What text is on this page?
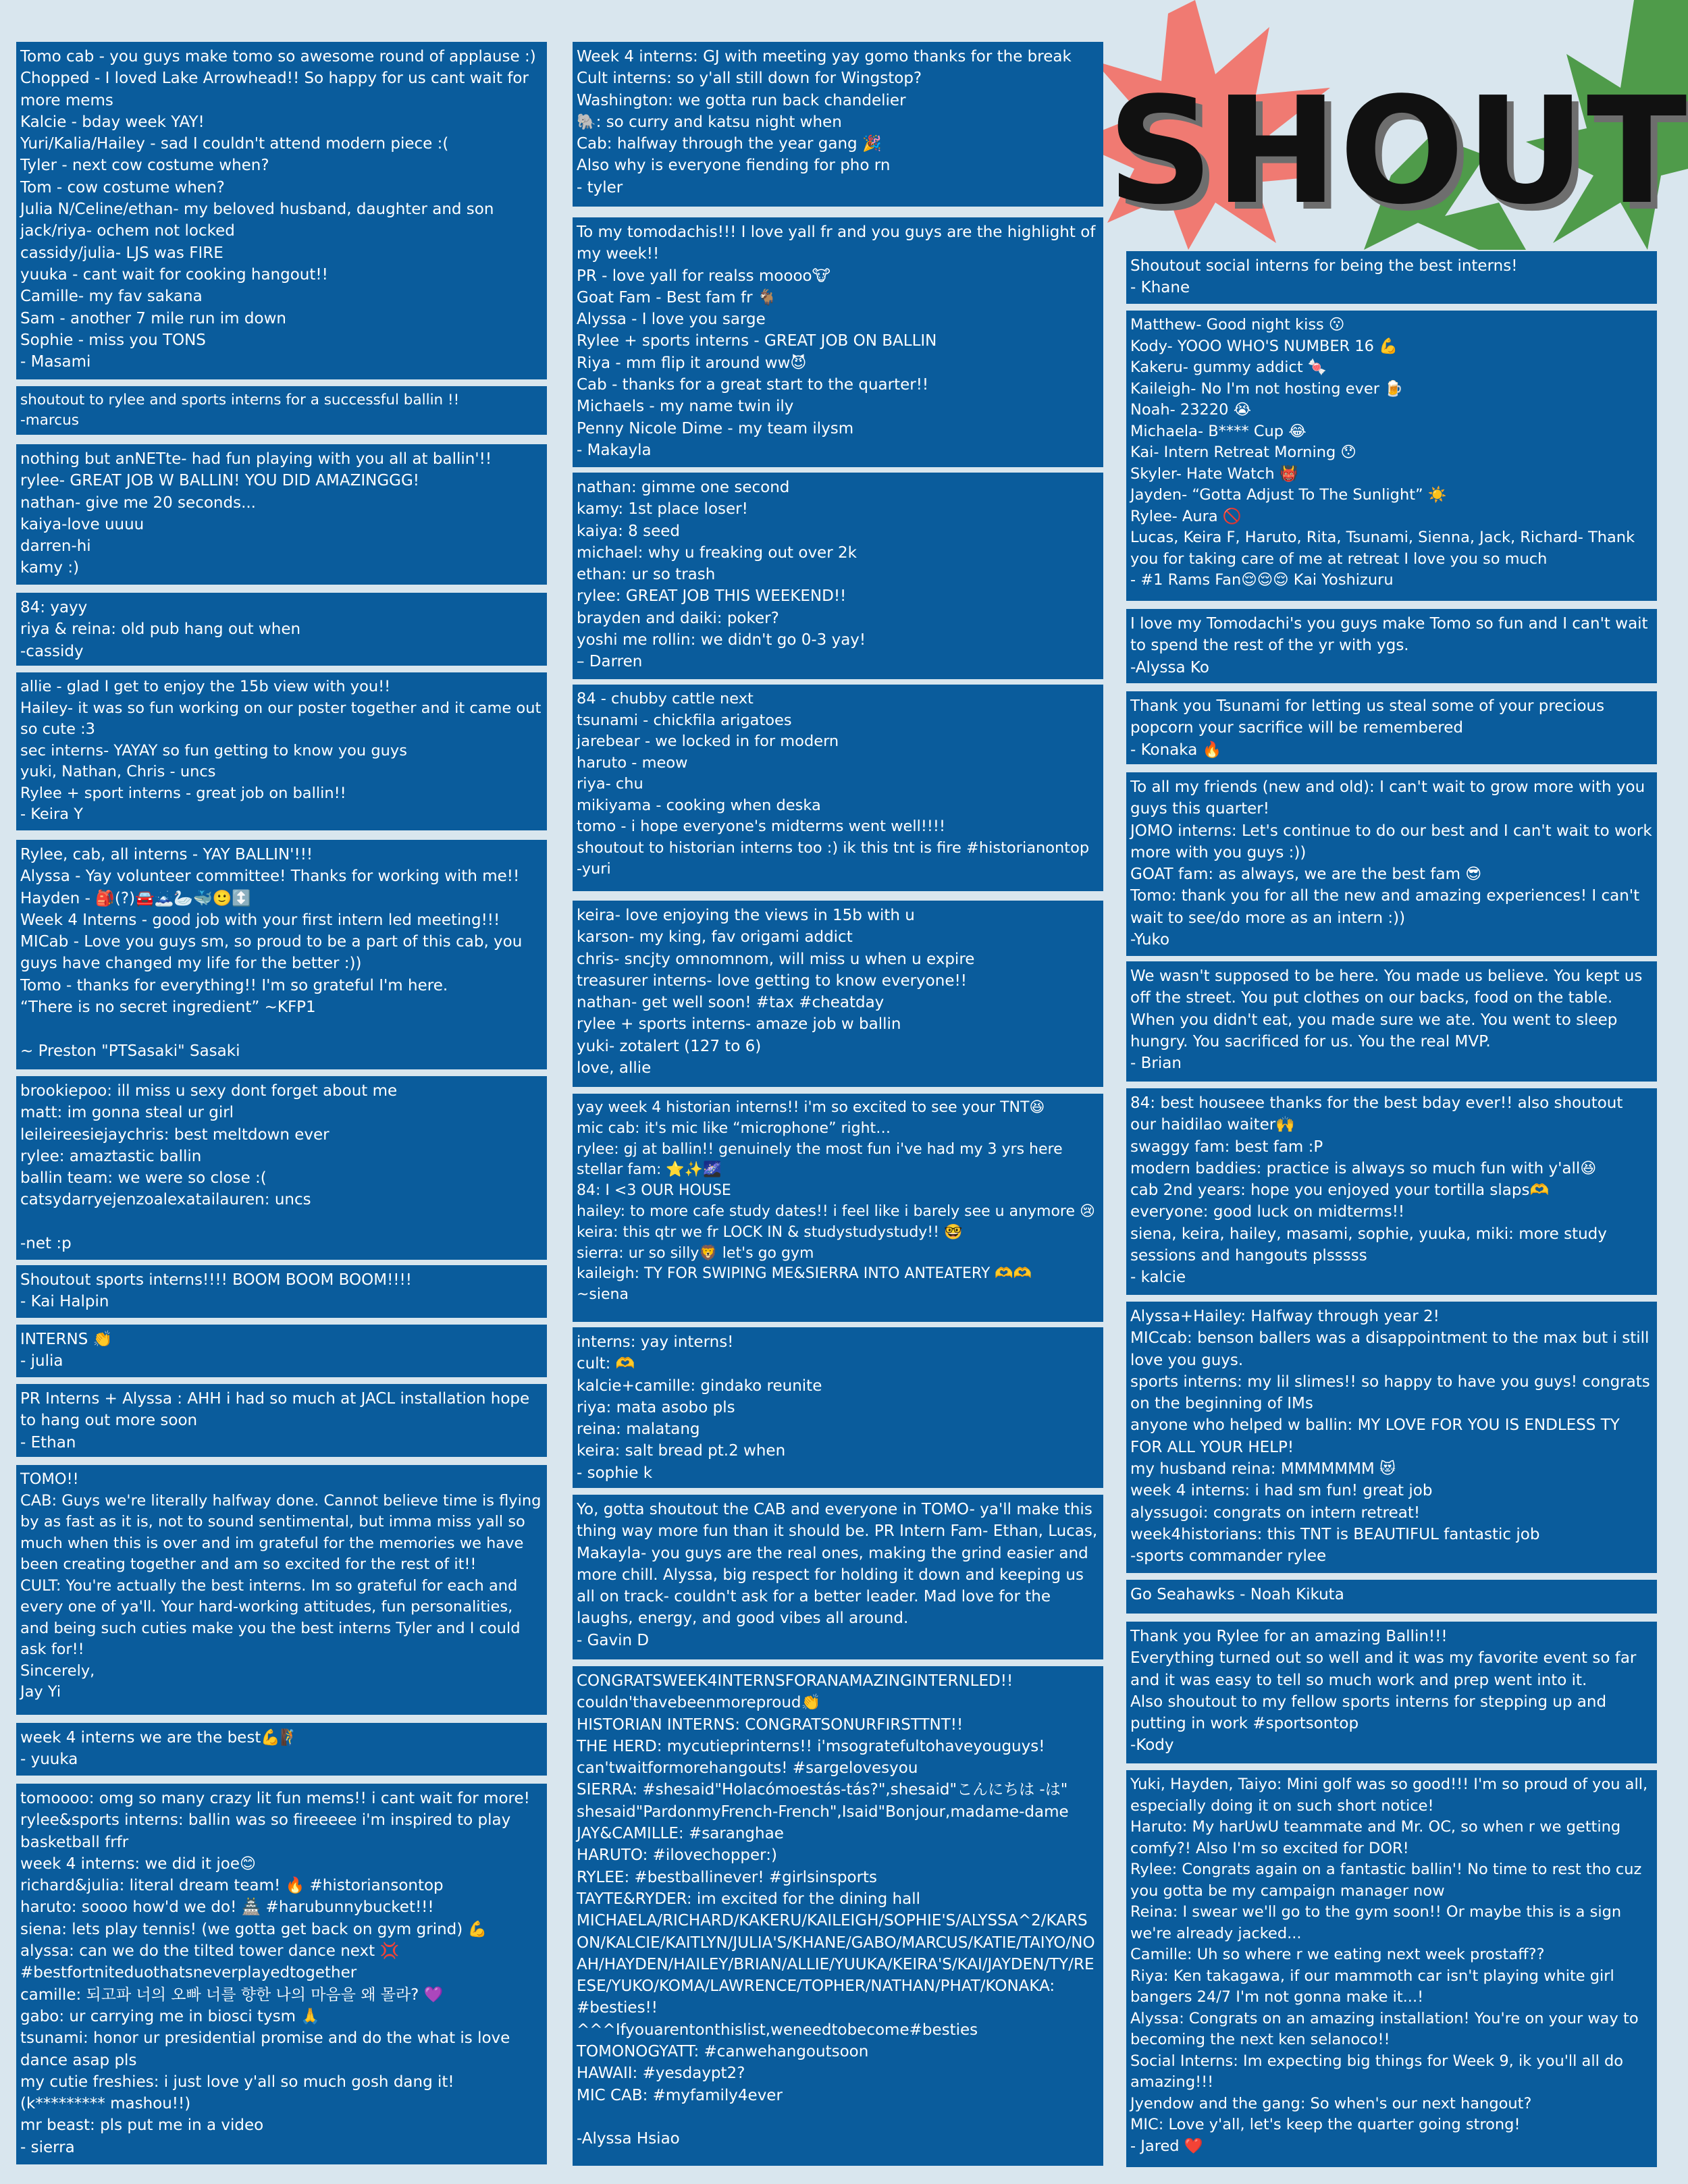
SHOUT
Tomo cab - you guys make tomo so awesome round of applause :)
Chopped - I loved Lake Arrowhead!! So happy for us cant wait for more mems
Kalcie - bday week YAY!
Yuri/Kalia/Hailey - sad I couldn't attend modern piece :(
Tyler - next cow costume when?
Tom - cow costume when?
Julia N/Celine/ethan- my beloved husband, daughter and son
jack/riya- ochem not locked
cassidy/julia- LJS was FIRE
yuuka - cant wait for cooking hangout!!
Camille- my fav sakana
Sam - another 7 mile run im down
Sophie - miss you TONS
- Masami
shoutout to rylee and sports interns for a successful ballin !!
-marcus
nothing but anNETte- had fun playing with you all at ballin'!!
rylee- GREAT JOB W BALLIN! YOU DID AMAZINGGG!
nathan- give me 20 seconds...
kaiya-love uuuu
darren-hi
kamy :)
84: yayy
riya & reina: old pub hang out when
-cassidy
allie - glad I get to enjoy the 15b view with you!!
Hailey- it was so fun working on our poster together and it came out so cute :3
sec interns- YAYAY so fun getting to know you guys
yuki, Nathan, Chris - uncs
Rylee + sport interns - great job on ballin!!
- Keira Y
Rylee, cab, all interns - YAY BALLIN'!!!
Alyssa - Yay volunteer committee! Thanks for working with me!!
Hayden - 🎒(?)🚘🗻🦢🐳🙂↕️
Week 4 Interns - good job with your first intern led meeting!!!
MICab - Love you guys sm, so proud to be a part of this cab, you guys have changed my life for the better :))
Tomo - thanks for everything!! I'm so grateful I'm here.
“There is no secret ingredient” ~KFP1

~ Preston "PTSasaki" Sasaki
brookiepoo: ill miss u sexy dont forget about me
matt: im gonna steal ur girl
leileireesiejaychris: best meltdown ever
rylee: amaztastic ballin
ballin team: we were so close :(
catsydarryejenzoalexatailauren: uncs

-net :p
Shoutout sports interns!!!! BOOM BOOM BOOM!!!!
- Kai Halpin
INTERNS 👏
- julia
PR Interns + Alyssa : AHH i had so much at JACL installation hope to hang out more soon
- Ethan
TOMO!!
CAB: Guys we're literally halfway done. Cannot believe time is flying by as fast as it is, not to sound sentimental, but imma miss yall so much when this is over and im grateful for the memories we have been creating together and am so excited for the rest of it!!
CULT: You're actually the best interns. Im so grateful for each and every one of ya'll. Your hard-working attitudes, fun personalities, and being such cuties make you the best interns Tyler and I could ask for!!
Sincerely,
Jay Yi
week 4 interns we are the best💪🧗
- yuuka
tomoooo: omg so many crazy lit fun mems!! i cant wait for more!
rylee&sports interns: ballin was so fireeeee i'm inspired to play basketball frfr
week 4 interns: we did it joe😊
richard&julia: literal dream team! 🔥 #historiansontop
haruto: soooo how'd we do! 🏯 #harubunnybucket!!!
siena: lets play tennis! (we gotta get back on gym grind) 💪
alyssa: can we do the tilted tower dance next 💢
#bestfortniteduothatsneverplayedtogether
camille: 되고파 너의 오빠 너를 향한 나의 마음을 왜 몰라? 💜
gabo: ur carrying me in biosci tysm 🙏
tsunami: honor ur presidential promise and do the what is love dance asap pls
my cutie freshies: i just love y'all so much gosh dang it!
(k********* mashou!!)
mr beast: pls put me in a video
- sierra
Week 4 interns: GJ with meeting yay gomo thanks for the break
Cult interns: so y'all still down for Wingstop?
Washington: we gotta run back chandelier
🐘: so curry and katsu night when
Cab: halfway through the year gang 🎉
Also why is everyone fiending for pho rn
- tyler
To my tomodachis!!! I love yall fr and you guys are the highlight of my week!!
PR - love yall for realss moooo🐮
Goat Fam - Best fam fr 🐐
Alyssa - I love you sarge
Rylee + sports interns - GREAT JOB ON BALLIN
Riya - mm flip it around ww😈
Cab - thanks for a great start to the quarter!!
Michaels - my name twin ily
Penny Nicole Dime - my team ilysm
- Makayla
nathan: gimme one second
kamy: 1st place loser!
kaiya: 8 seed
michael: why u freaking out over 2k
ethan: ur so trash
rylee: GREAT JOB THIS WEEKEND!!
brayden and daiki: poker?
yoshi me rollin: we didn't go 0-3 yay!
– Darren
84 - chubby cattle next
tsunami - chickfila arigatoes
jarebear - we locked in for modern
haruto - meow
riya- chu
mikiyama - cooking when deska
tomo - i hope everyone's midterms went well!!!!
shoutout to historian interns too :) ik this tnt is fire #historianontop
-yuri
keira- love enjoying the views in 15b with u
karson- my king, fav origami addict
chris- sncjty omnomnom, will miss u when u expire
treasurer interns- love getting to know everyone!!
nathan- get well soon! #tax #cheatday
rylee + sports interns- amaze job w ballin
yuki- zotalert (127 to 6)
love, allie
yay week 4 historian interns!! i'm so excited to see your TNT😆
mic cab: it's mic like “microphone” right…
rylee: gj at ballin!! genuinely the most fun i've had my 3 yrs here
stellar fam: ⭐✨🌌
84: I <3 OUR HOUSE
hailey: to more cafe study dates!! i feel like i barely see u anymore 😢
keira: this qtr we fr LOCK IN & studystudystudy!! 🤓
sierra: ur so silly🦁 let's go gym
kaileigh: TY FOR SWIPING ME&SIERRA INTO ANTEATERY 🫶🫶
~siena
interns: yay interns!
cult: 🫶
kalcie+camille: gindako reunite
riya: mata asobo pls
reina: malatang
keira: salt bread pt.2 when
- sophie k
Yo, gotta shoutout the CAB and everyone in TOMO- ya'll make this thing way more fun than it should be. PR Intern Fam- Ethan, Lucas, Makayla- you guys are the real ones, making the grind easier and more chill. Alyssa, big respect for holding it down and keeping us all on track- couldn't ask for a better leader. Mad love for the laughs, energy, and good vibes all around.
- Gavin D
CONGRATSWEEK4INTERNSFORANAMAZINGINTERNLED!!
couldn'thavebeenmoreproud👏
HISTORIAN INTERNS: CONGRATSONURFIRSTTNT!!
THE HERD: mycutieprinterns!! i'msogratefultohaveyouguys!
can'twaitformorehangouts! #sargelovesyou
SIERRA: #shesaid"Holacómoestás-tás?",shesaid"こんにちは -は"
shesaid"PardonmyFrench-French",Isaid"Bonjour,madame-dame
JAY&CAMILLE: #saranghae
HARUTO: #ilovechopper:)
RYLEE: #bestballinever! #girlsinsports
TAYTE&RYDER: im excited for the dining hall
MICHAELA/RICHARD/KAKERU/KAILEIGH/SOPHIE'S/ALYSSA^2/KARSON/KALCIE/KAITLYN/JULIA'S/KHANE/GABO/MARCUS/KATIE/TAIYO/NOAH/HAYDEN/HAILEY/BRIAN/ALLIE/YUUKA/KEIRA'S/KAI/JAYDEN/TY/REESE/YUKO/KOMA/LAWRENCE/TOPHER/NATHAN/PHAT/KONAKA: #besties!!
^^^Ifyouarentonthislist,weneedtobecome#besties
TOMONOGYATT: #canwehangoutsoon
HAWAII: #yesdaypt2?
MIC CAB: #myfamily4ever

-Alyssa Hsiao
Shoutout social interns for being the best interns!
- Khane
Matthew- Good night kiss 😗
Kody- YOOO WHO'S NUMBER 16 💪
Kakeru- gummy addict 🍬
Kaileigh- No I'm not hosting ever 🍺
Noah- 23220 😭
Michaela- B**** Cup 😂
Kai- Intern Retreat Morning 😯
Skyler- Hate Watch 👹
Jayden- “Gotta Adjust To The Sunlight” ☀️
Rylee- Aura 🚫
Lucas, Keira F, Haruto, Rita, Tsunami, Sienna, Jack, Richard- Thank you for taking care of me at retreat I love you so much
- #1 Rams Fan😌😌😌 Kai Yoshizuru
I love my Tomodachi's you guys make Tomo so fun and I can't wait to spend the rest of the yr with ygs.
-Alyssa Ko
Thank you Tsunami for letting us steal some of your precious popcorn your sacrifice will be remembered
- Konaka 🔥
To all my friends (new and old): I can't wait to grow more with you guys this quarter!
JOMO interns: Let's continue to do our best and I can't wait to work more with you guys :))
GOAT fam: as always, we are the best fam 😎
Tomo: thank you for all the new and amazing experiences! I can't wait to see/do more as an intern :))
-Yuko
We wasn't supposed to be here. You made us believe. You kept us off the street. You put clothes on our backs, food on the table. When you didn't eat, you made sure we ate. You went to sleep hungry. You sacrificed for us. You the real MVP.
- Brian
84: best houseee thanks for the best bday ever!! also shoutout our haidilao waiter🙌
swaggy fam: best fam :P
modern baddies: practice is always so much fun with y'all😆
cab 2nd years: hope you enjoyed your tortilla slaps🫶
everyone: good luck on midterms!!
siena, keira, hailey, masami, sophie, yuuka, miki: more study sessions and hangouts plsssss
- kalcie
Alyssa+Hailey: Halfway through year 2!
MICcab: benson ballers was a disappointment to the max but i still love you guys.
sports interns: my lil slimes!! so happy to have you guys! congrats on the beginning of IMs
anyone who helped w ballin: MY LOVE FOR YOU IS ENDLESS TY FOR ALL YOUR HELP!
my husband reina: MMMMMMM 😻
week 4 interns: i had sm fun! great job
alyssugoi: congrats on intern retreat!
week4historians: this TNT is BEAUTIFUL fantastic job
-sports commander rylee
Go Seahawks - Noah Kikuta
Thank you Rylee for an amazing Ballin!!!
Everything turned out so well and it was my favorite event so far and it was easy to tell so much work and prep went into it.
Also shoutout to my fellow sports interns for stepping up and putting in work #sportsontop
-Kody
Yuki, Hayden, Taiyo: Mini golf was so good!!! I'm so proud of you all, especially doing it on such short notice!
Haruto: My harUwU teammate and Mr. OC, so when r we getting comfy?! Also I'm so excited for DOR!
Rylee: Congrats again on a fantastic ballin'! No time to rest tho cuz you gotta be my campaign manager now
Reina: I swear we'll go to the gym soon!! Or maybe this is a sign we're already jacked...
Camille: Uh so where r we eating next week prostaff??
Riya: Ken takagawa, if our mammoth car isn't playing white girl bangers 24/7 I'm not gonna make it...!
Alyssa: Congrats on an amazing installation! You're on your way to becoming the next ken selanoco!!
Social Interns: Im expecting big things for Week 9, ik you'll all do amazing!!!
Jyendow and the gang: So when's our next hangout?
MIC: Love y'all, let's keep the quarter going strong!
- Jared ❤️
